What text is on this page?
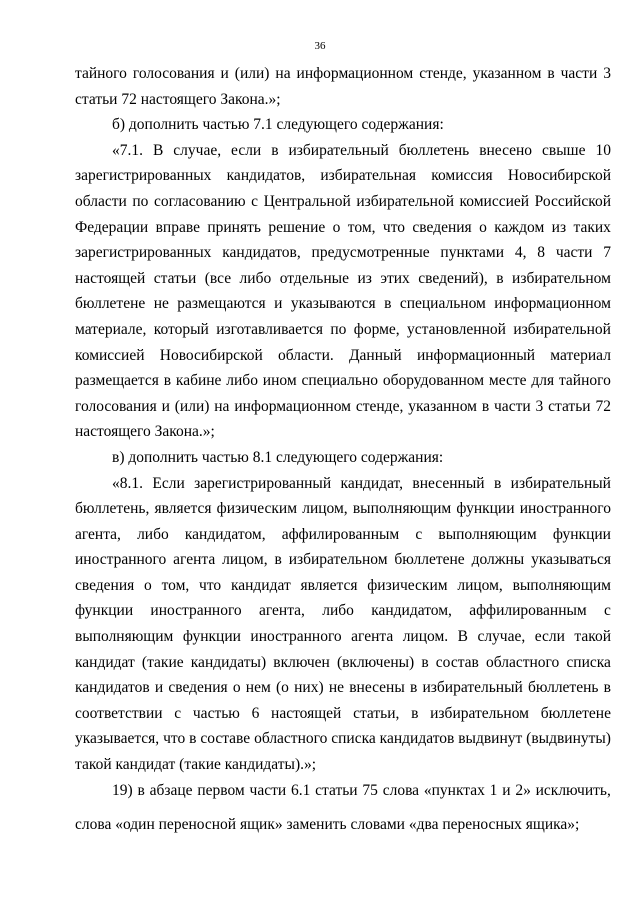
36
тайного голосования и (или) на информационном стенде, указанном в части 3
статьи 72 настоящего Закона.»;
б) дополнить частью 7.1 следующего содержания:
«7.1. В случае, если в избирательный бюллетень внесено свыше 10
зарегистрированных кандидатов, избирательная комиссия Новосибирской
области по согласованию с Центральной избирательной комиссией Российской
Федерации вправе принять решение о том, что сведения о каждом из таких
зарегистрированных кандидатов, предусмотренные пунктами 4, 8 части 7
настоящей статьи (все либо отдельные из этих сведений), в избирательном
бюллетене не размещаются и указываются в специальном информационном
материале, который изготавливается по форме, установленной избирательной
комиссией Новосибирской области. Данный информационный материал
размещается в кабине либо ином специально оборудованном месте для тайного
голосования и (или) на информационном стенде, указанном в части 3 статьи 72
настоящего Закона.»;
в) дополнить частью 8.1 следующего содержания:
«8.1. Если зарегистрированный кандидат, внесенный в избирательный
бюллетень, является физическим лицом, выполняющим функции иностранного
агента, либо кандидатом, аффилированным с выполняющим функции
иностранного агента лицом, в избирательном бюллетене должны указываться
сведения о том, что кандидат является физическим лицом, выполняющим
функции иностранного агента, либо кандидатом, аффилированным с
выполняющим функции иностранного агента лицом. В случае, если такой
кандидат (такие кандидаты) включен (включены) в состав областного списка
кандидатов и сведения о нем (о них) не внесены в избирательный бюллетень в
соответствии с частью 6 настоящей статьи, в избирательном бюллетене
указывается, что в составе областного списка кандидатов выдвинут (выдвинуты)
такой кандидат (такие кандидаты).»;
19) в абзаце первом части 6.1 статьи 75 слова «пунктах 1 и 2» исключить,
слова «один переносной ящик» заменить словами «два переносных ящика»;
